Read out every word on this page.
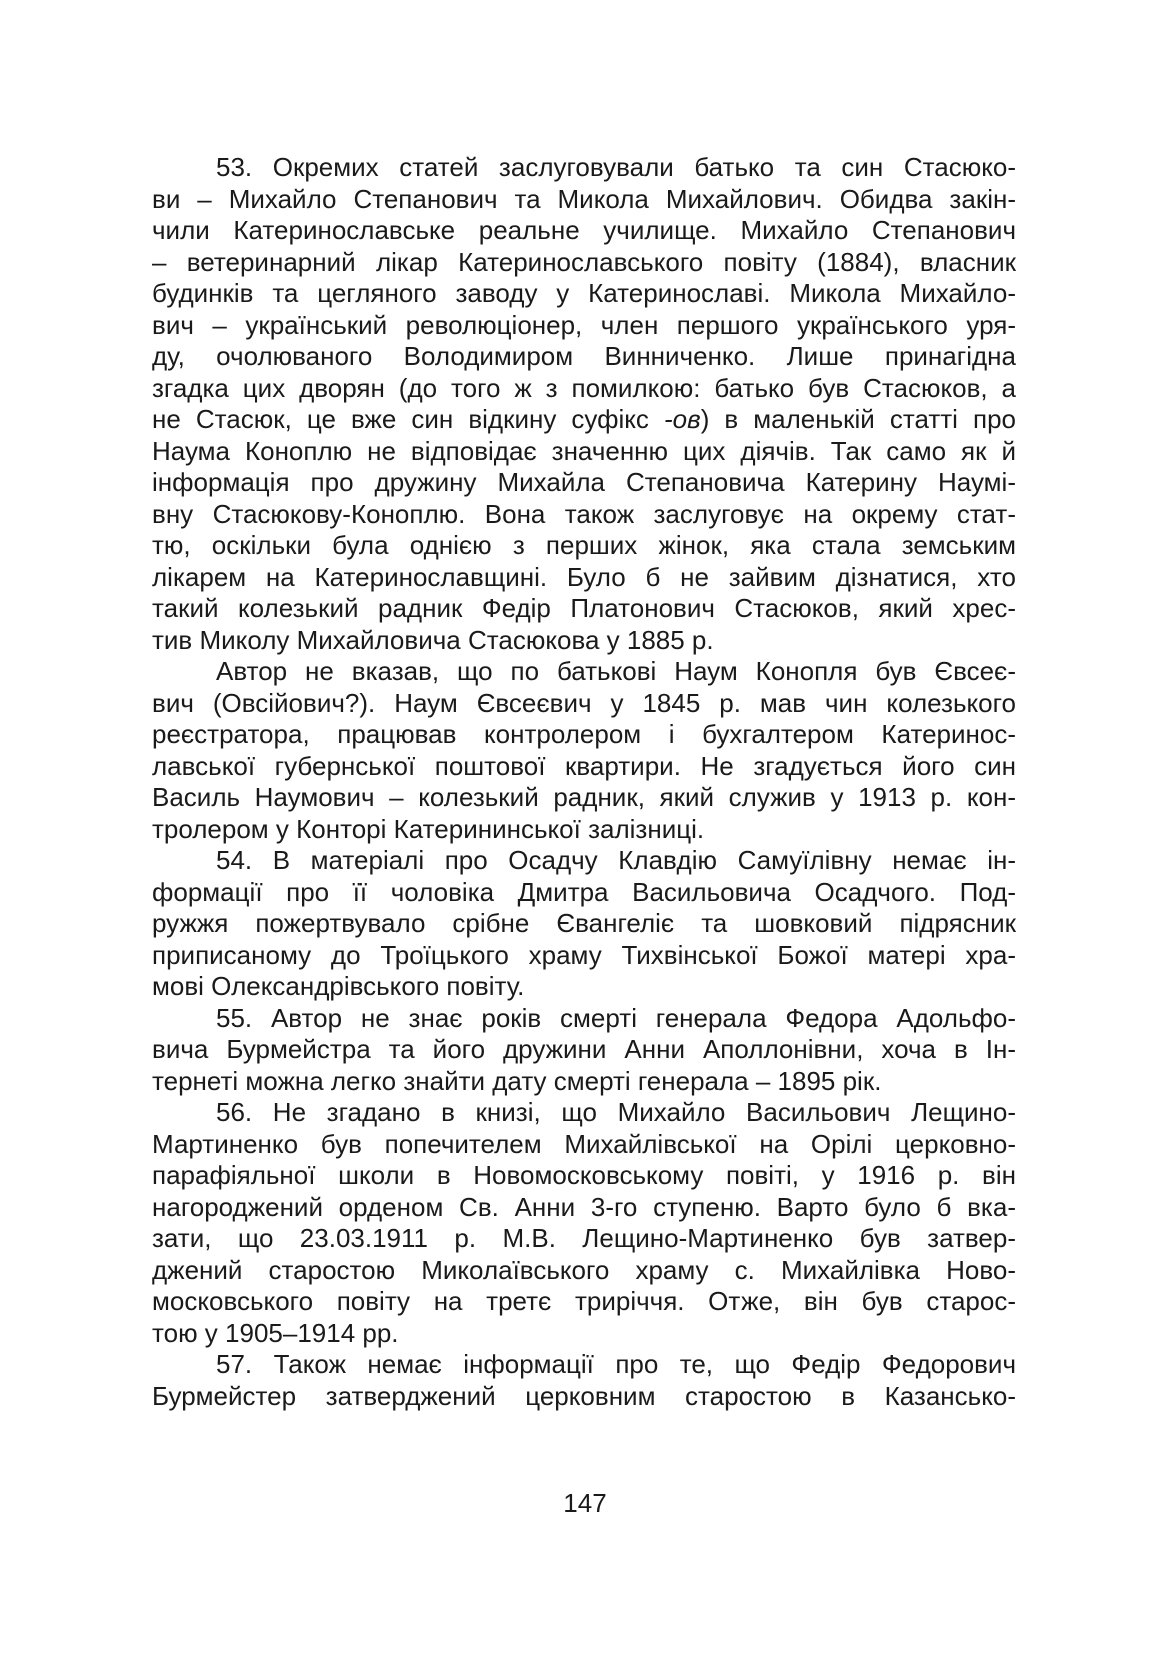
53. Окремих статей заслуговували батько та син Стасюко-
ви – Михайло Степанович та Микола Михайлович. Обидва закін-
чили Катеринославське реальне училище. Михайло Степанович
– ветеринарний лікар Катеринославського повіту (1884), власник
будинків та цегляного заводу у Катеринославі. Микола Михайло-
вич – український революціонер, член першого українського уря-
ду, очолюваного Володимиром Винниченко. Лише принагідна
згадка цих дворян (до того ж з помилкою: батько був Стасюков, а
не Стасюк, це вже син відкину суфікс -ов) в маленькій статті про
Наума Коноплю не відповідає значенню цих діячів. Так само як й
інформація про дружину Михайла Степановича Катерину Наумі-
вну Стасюкову-Коноплю. Вона також заслуговує на окрему стат-
тю, оскільки була однією з перших жінок, яка стала земським
лікарем на Катеринославщині. Було б не зайвим дізнатися, хто
такий колезький радник Федір Платонович Стасюков, який хрес-
тив Миколу Михайловича Стасюкова у 1885 р.
Автор не вказав, що по батькові Наум Конопля був Євсеє-
вич (Овсійович?). Наум Євсеєвич у 1845 р. мав чин колезького
реєстратора, працював контролером і бухгалтером Катеринос-
лавської губернської поштової квартири. Не згадується його син
Василь Наумович – колезький радник, який служив у 1913 р. кон-
тролером у Конторі Катерининської залізниці.
54. В матеріалі про Осадчу Клавдію Самуїлівну немає ін-
формації про її чоловіка Дмитра Васильовича Осадчого. Под-
ружжя пожертвувало срібне Євангеліє та шовковий підрясник
приписаному до Троїцького храму Тихвінської Божої матері хра-
мові Олександрівського повіту.
55. Автор не знає років смерті генерала Федора Адольфо-
вича Бурмейстра та його дружини Анни Аполлонівни, хоча в Ін-
тернеті можна легко знайти дату смерті генерала – 1895 рік.
56. Не згадано в книзі, що Михайло Васильович Лещино-
Мартиненко був попечителем Михайлівської на Орілі церковно-
парафіяльної школи в Новомосковському повіті, у 1916 р. він
нагороджений орденом Св. Анни 3-го ступеню. Варто було б вка-
зати, що 23.03.1911 р. М.В. Лещино-Мартиненко був затвер-
джений старостою Миколаївського храму с. Михайлівка Ново-
московського повіту на третє трирiччя. Отже, він був старос-
тою у 1905–1914 рр.
57. Також немає інформації про те, що Федір Федорович
Бурмейстер затверджений церковним старостою в Казансько-
147
